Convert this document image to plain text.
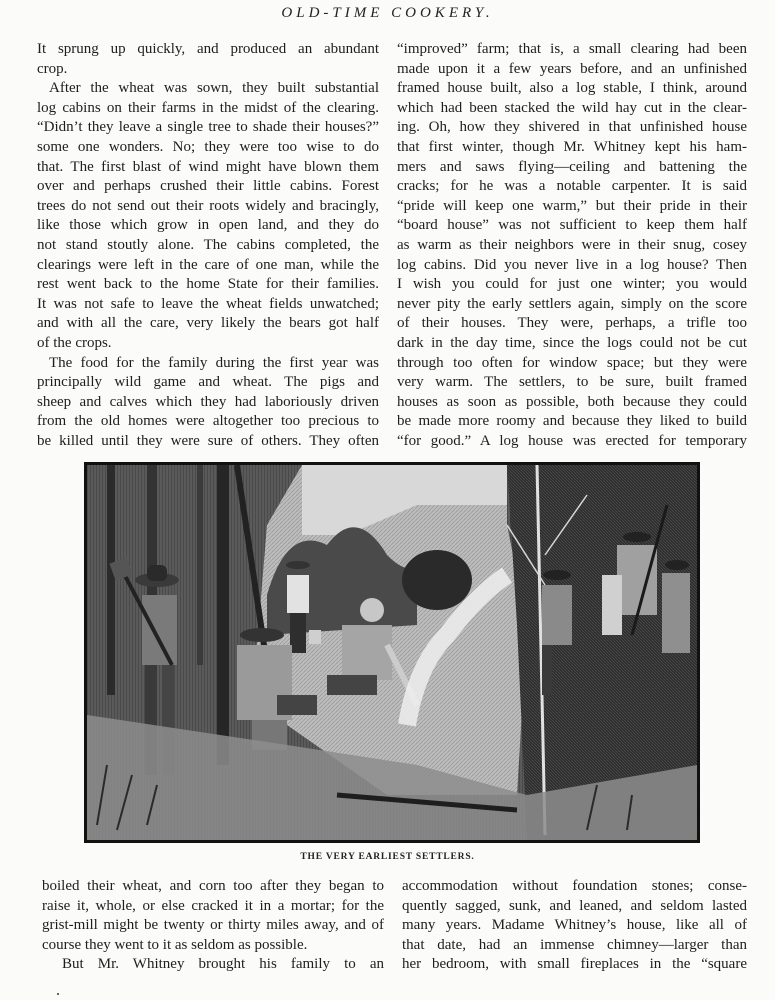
OLD-TIME COOKERY.
It sprung up quickly, and produced an abundant
crop.
After the wheat was sown, they built substantial
log cabins on their farms in the midst of the clearing.
“Didn’t they leave a single tree to shade their houses?”
some one wonders. No; they were too wise to do
that. The first blast of wind might have blown them
over and perhaps crushed their little cabins. Forest
trees do not send out their roots widely and bracingly,
like those which grow in open land, and they do
not stand stoutly alone. The cabins completed, the
clearings were left in the care of one man, while the
rest went back to the home State for their families.
It was not safe to leave the wheat fields unwatched;
and with all the care, very likely the bears got half
of the crops.
The food for the family during the first year was
principally wild game and wheat. The pigs and
sheep and calves which they had laboriously driven
from the old homes were altogether too precious to
be killed until they were sure of others. They often
“improved” farm; that is, a small clearing had been
made upon it a few years before, and an unfinished
framed house built, also a log stable, I think, around
which had been stacked the wild hay cut in the clear-
ing. Oh, how they shivered in that unfinished house
that first winter, though Mr. Whitney kept his ham-
mers and saws flying—ceiling and battening the
cracks; for he was a notable carpenter. It is said
“pride will keep one warm,” but their pride in their
“board house” was not sufficient to keep them half
as warm as their neighbors were in their snug, cosey
log cabins. Did you never live in a log house? Then
I wish you could for just one winter; you would
never pity the early settlers again, simply on the score
of their houses. They were, perhaps, a trifle too
dark in the day time, since the logs could not be cut
through too often for window space; but they were
very warm. The settlers, to be sure, built framed
houses as soon as possible, both because they could
be made more roomy and because they liked to build
“for good.” A log house was erected for temporary
THE VERY EARLIEST SETTLERS.
boiled their wheat, and corn too after they began to
raise it, whole, or else cracked it in a mortar; for the
grist-mill might be twenty or thirty miles away, and of
course they went to it as seldom as possible.
But Mr. Whitney brought his family to an
accommodation without foundation stones; conse-
quently sagged, sunk, and leaned, and seldom lasted
many years. Madame Whitney’s house, like all of
that date, had an immense chimney—larger than
her bedroom, with small fireplaces in the “square
